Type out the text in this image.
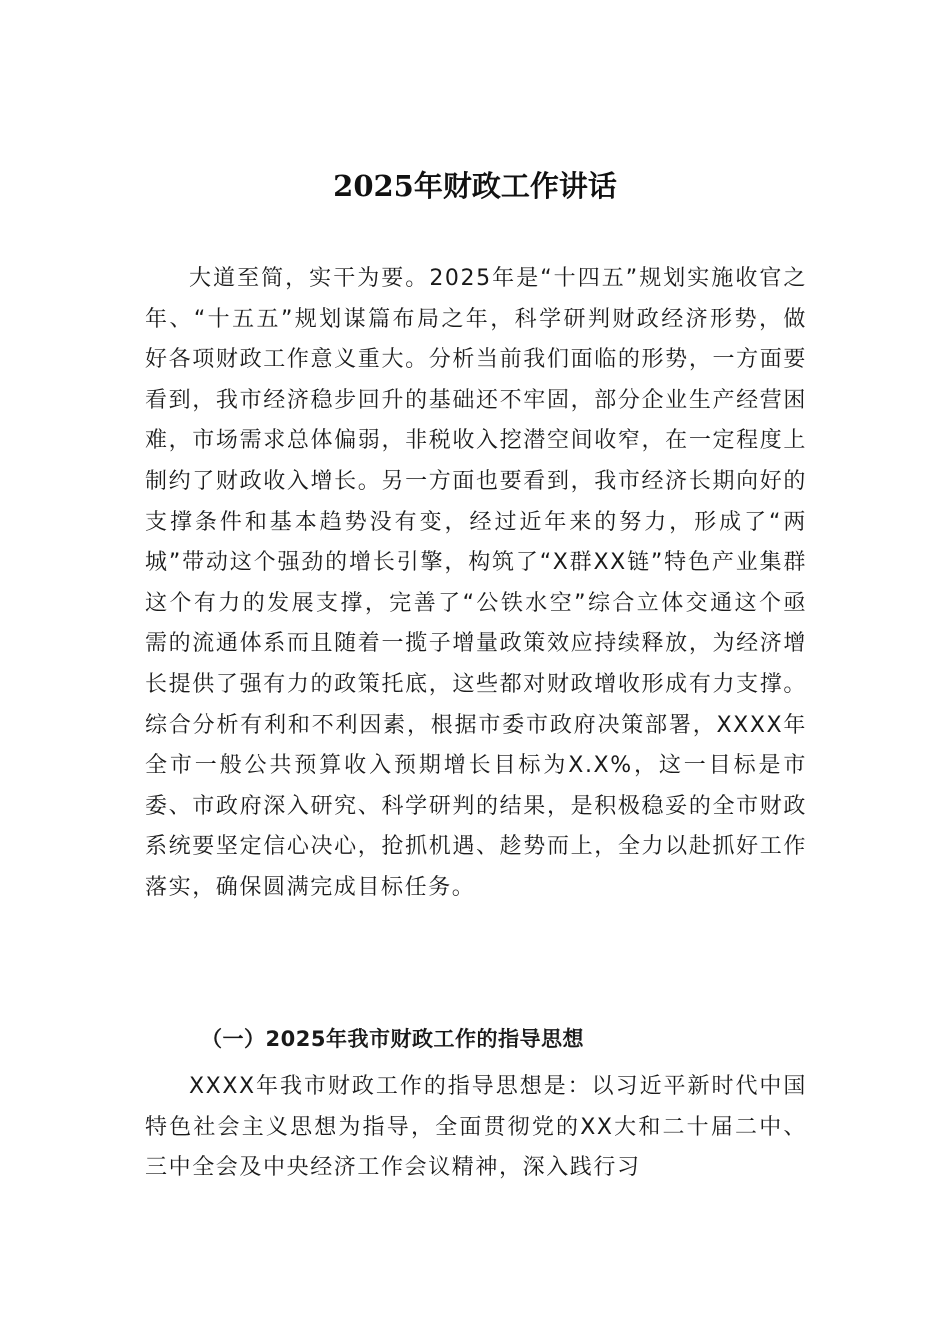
2025年财政工作讲话

大道至简，实干为要。2025年是“十四五”规划实施收官之年、“十五五”规划谋篇布局之年，科学研判财政经济形势，做好各项财政工作意义重大。分析当前我们面临的形势，一方面要看到，我市经济稳步回升的基础还不牢固，部分企业生产经营困难，市场需求总体偏弱，非税收入挖潜空间收窄，在一定程度上制约了财政收入增长。另一方面也要看到，我市经济长期向好的支撑条件和基本趋势没有变，经过近年来的努力，形成了“两城”带动这个强劲的增长引擎，构筑了“X群XX链”特色产业集群这个有力的发展支撑，完善了“公铁水空”综合立体交通这个亟需的流通体系而且随着一揽子增量政策效应持续释放，为经济增长提供了强有力的政策托底，这些都对财政增收形成有力支撑。综合分析有利和不利因素，根据市委市政府决策部署，XXXX年全市一般公共预算收入预期增长目标为X.X%，这一目标是市委、市政府深入研究、科学研判的结果，是积极稳妥的全市财政系统要坚定信心决心，抢抓机遇、趁势而上，全力以赴抓好工作落实，确保圆满完成目标任务。

（一）2025年我市财政工作的指导思想

XXXX年我市财政工作的指导思想是：以习近平新时代中国特色社会主义思想为指导，全面贯彻党的XX大和二十届二中、三中全会及中央经济工作会议精神，深入践行习
